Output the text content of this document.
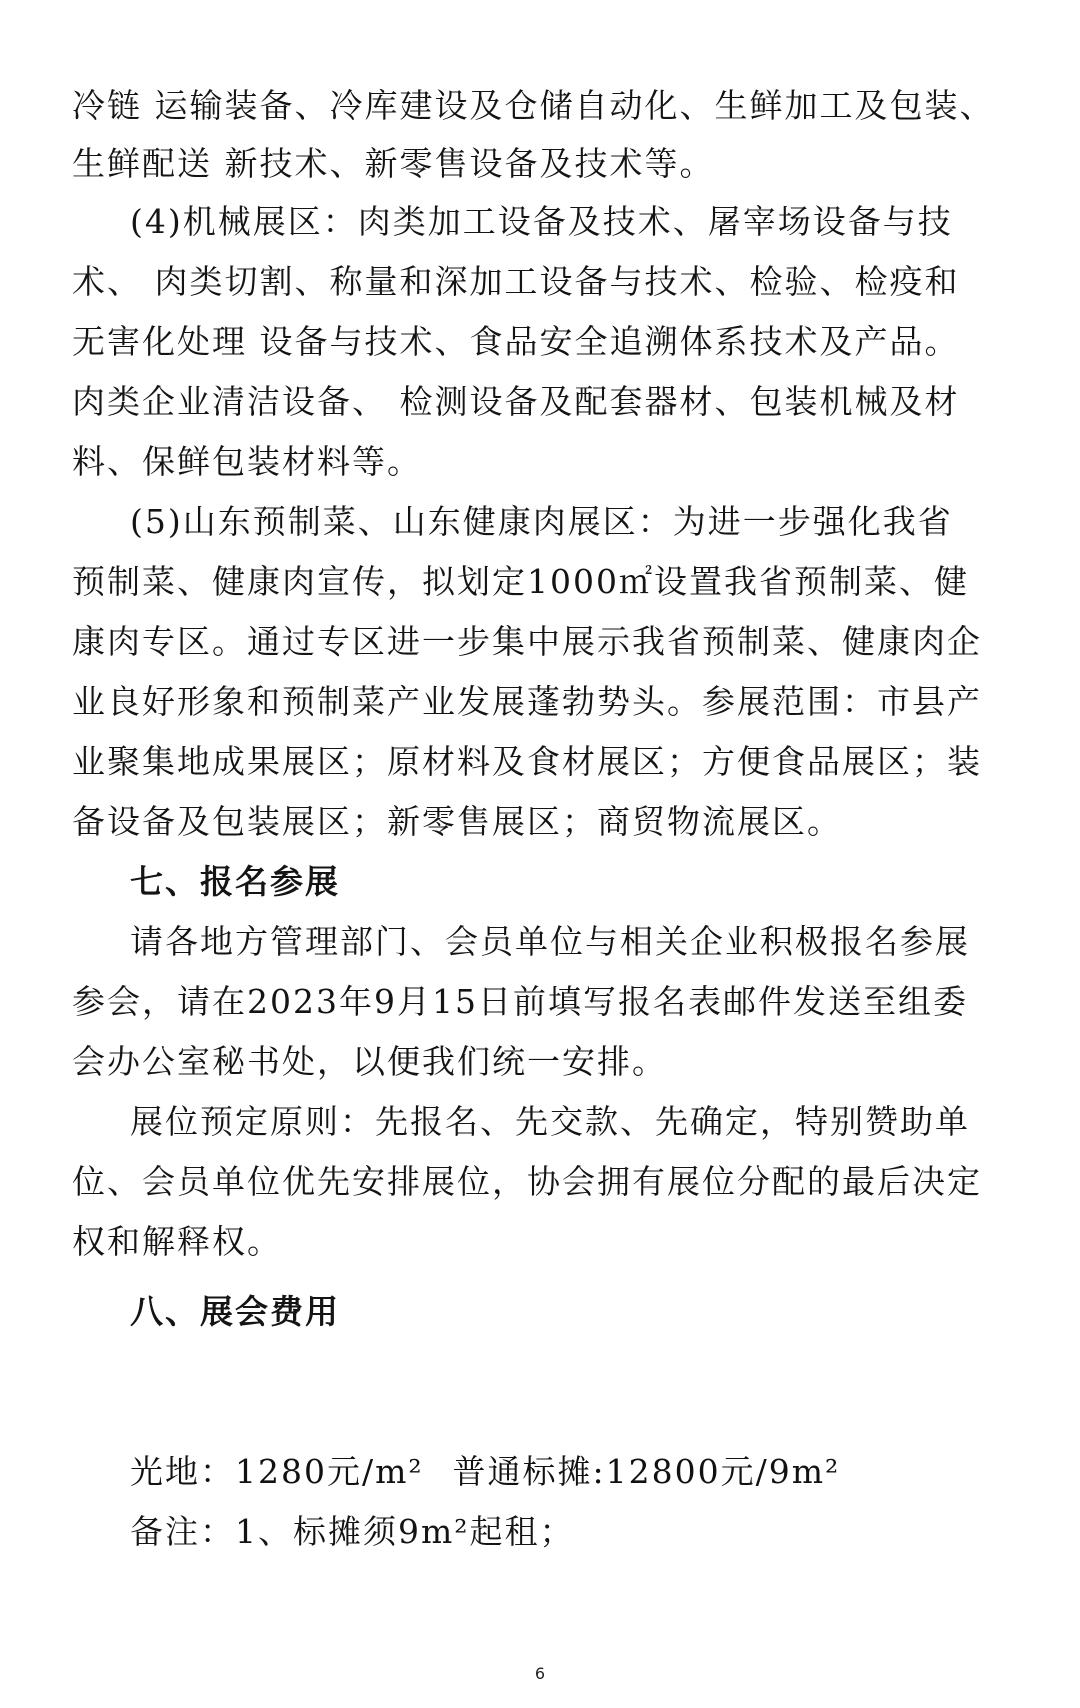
冷链 运输装备、冷库建设及仓储自动化、生鲜加工及包装、

生鲜配送 新技术、新零售设备及技术等。

(4)机械展区：肉类加工设备及技术、屠宰场设备与技

术、 肉类切割、称量和深加工设备与技术、检验、检疫和

无害化处理 设备与技术、食品安全追溯体系技术及产品。

肉类企业清洁设备、 检测设备及配套器材、包装机械及材

料、保鲜包装材料等。

(5)山东预制菜、山东健康肉展区：为进一步强化我省

预制菜、健康肉宣传，拟划定1000㎡设置我省预制菜、健

康肉专区。通过专区进一步集中展示我省预制菜、健康肉企

业良好形象和预制菜产业发展蓬勃势头。参展范围：市县产

业聚集地成果展区；原材料及食材展区；方便食品展区；装

备设备及包装展区；新零售展区；商贸物流展区。

七、报名参展

请各地方管理部门、会员单位与相关企业积极报名参展

参会，请在2023年9月15日前填写报名表邮件发送至组委

会办公室秘书处，以便我们统一安排。

展位预定原则：先报名、先交款、先确定，特别赞助单

位、会员单位优先安排展位，协会拥有展位分配的最后决定

权和解释权。

八、展会费用

光地：1280元/m² 普通标摊:12800元/9m²

备注：1、标摊须9m²起租；

6
